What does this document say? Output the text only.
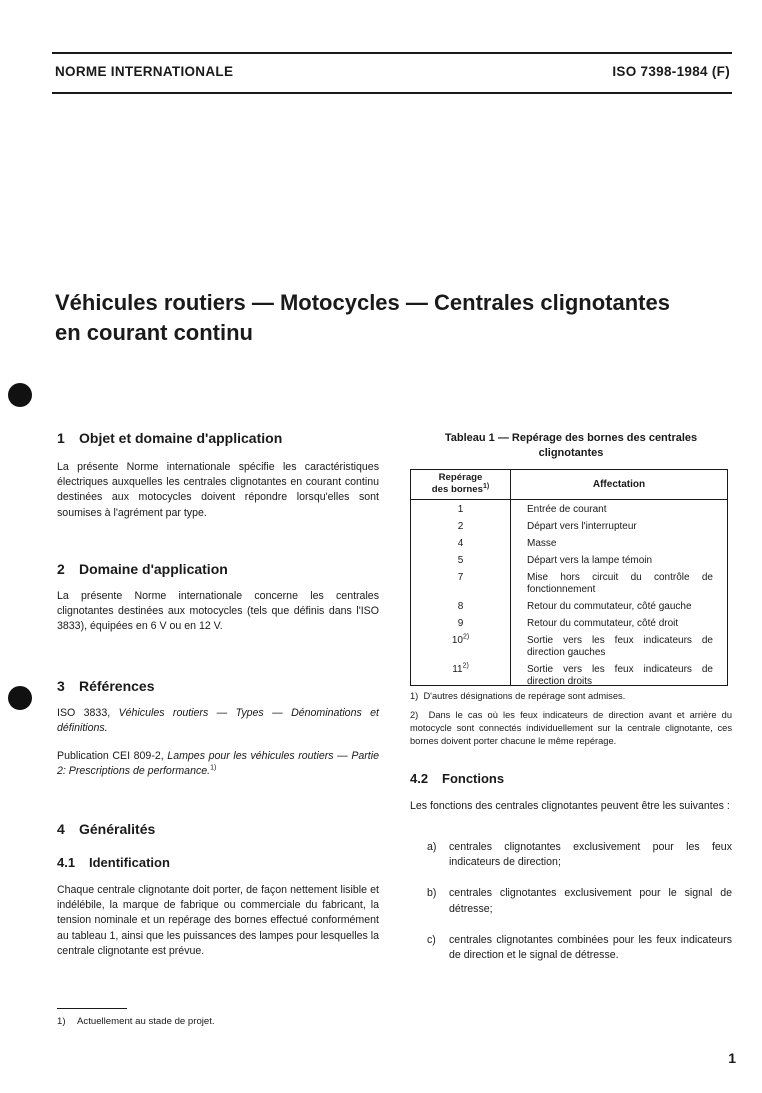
NORME INTERNATIONALE	ISO 7398-1984 (F)
Véhicules routiers — Motocycles — Centrales clignotantes
en courant continu
1 Objet et domaine d'application

La présente Norme internationale spécifie les caractéristiques électriques auxquelles les centrales clignotantes en courant continu destinées aux motocycles doivent répondre lorsqu'elles sont soumises à l'agrément par type.

2 Domaine d'application

La présente Norme internationale concerne les centrales clignotantes destinées aux motocycles (tels que définis dans l'ISO 3833), équipées en 6 V ou en 12 V.

3 Références

ISO 3833, Véhicules routiers — Types — Dénominations et définitions.

Publication CEI 809-2, Lampes pour les véhicules routiers — Partie 2: Prescriptions de performance.$^{1)}$

4 Généralités
4.1 Identification

Chaque centrale clignotante doit porter, de façon nettement lisible et indélébile, la marque de fabrique ou commerciale du fabricant, la tension nominale et un repérage des bornes effectué conformément au tableau 1, ainsi que les puissances des lampes pour lesquelles la centrale clignotante est prévue.

1) Actuellement au stade de projet.
Tableau 1 — Repérage des bornes des centrales
clignotantes
Repérage
des bornes$^{1)}$	Affectation
1	Entrée de courant
2	Départ vers l'interrupteur
4	Masse
5	Départ vers la lampe témoin
7	Mise hors circuit du contrôle de fonctionnement
8	Retour du commutateur, côté gauche
9	Retour du commutateur, côté droit
10$^{2)}$	Sortie vers les feux indicateurs de direction gauches
11$^{2)}$	Sortie vers les feux indicateurs de direction droits
1) D'autres désignations de repérage sont admises.
2) Dans le cas où les feux indicateurs de direction avant et arrière du motocycle sont connectés individuellement sur la centrale clignotante, ces bornes doivent porter chacune le même repérage.
4.2 Fonctions

Les fonctions des centrales clignotantes peuvent être les suivantes :

a)	centrales clignotantes exclusivement pour les feux indicateurs de direction;
b)	centrales clignotantes exclusivement pour le signal de détresse;
c)	centrales clignotantes combinées pour les feux indicateurs de direction et le signal de détresse.
1
